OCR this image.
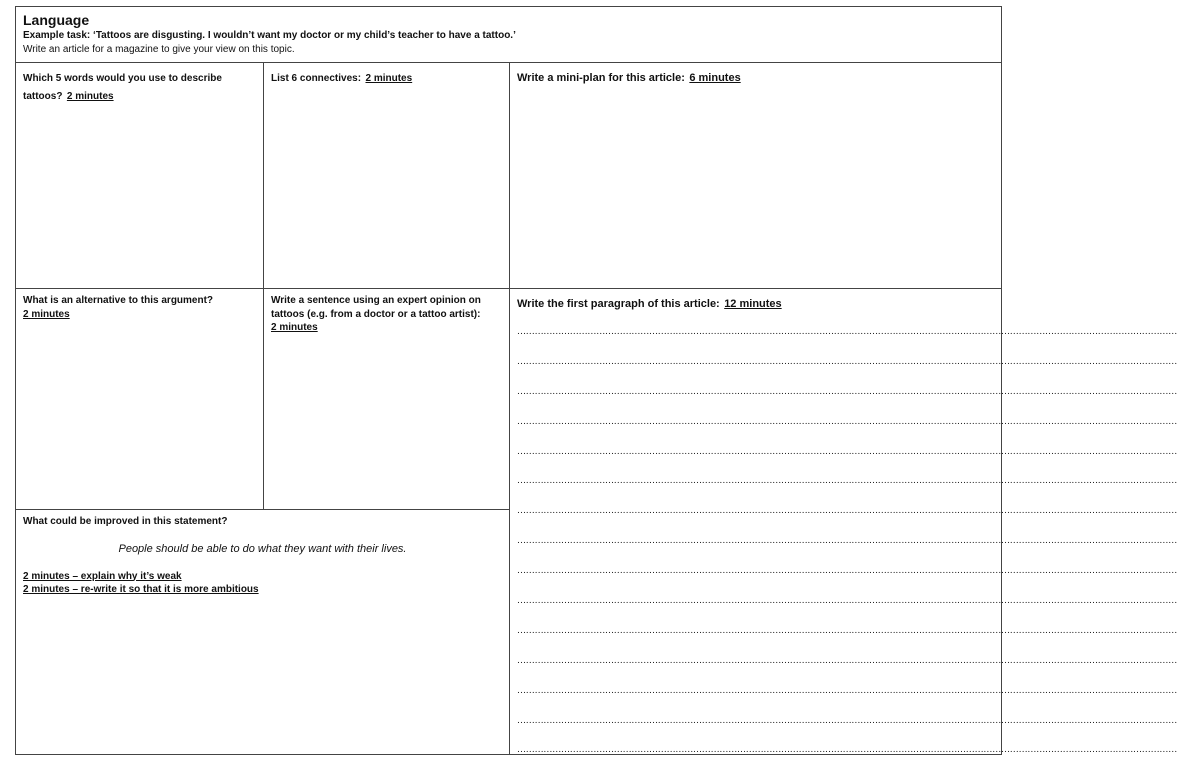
Language
Example task: ‘Tattoos are disgusting. I wouldn’t want my doctor or my child’s teacher to have a tattoo.’
Write an article for a magazine to give your view on this topic.
Which 5 words would you use to describe tattoos? 2 minutes
List 6 connectives: 2 minutes	Write a mini-plan for this article: 6 minutes
What is an alternative to this argument?
2 minutes
Write a sentence using an expert opinion on tattoos (e.g. from a doctor or a tattoo artist):
2 minutes
Write the first paragraph of this article: 12 minutes
………………………………………………………………………………………………………………………………………………………………………………………………………
………………………………………………………………………………………………………………………………………………………………………………………………………
………………………………………………………………………………………………………………………………………………………………………………………………………
………………………………………………………………………………………………………………………………………………………………………………………………………
………………………………………………………………………………………………………………………………………………………………………………………………………
………………………………………………………………………………………………………………………………………………………………………………………………………
………………………………………………………………………………………………………………………………………………………………………………………………………
………………………………………………………………………………………………………………………………………………………………………………………………………
………………………………………………………………………………………………………………………………………………………………………………………………………
………………………………………………………………………………………………………………………………………………………………………………………………………
………………………………………………………………………………………………………………………………………………………………………………………………………
………………………………………………………………………………………………………………………………………………………………………………………………………
………………………………………………………………………………………………………………………………………………………………………………………………………
………………………………………………………………………………………………………………………………………………………………………………………………………
………………………………………………………………………………………………………………………………………………………………………………………………………
What could be improved in this statement?
People should be able to do what they want with their lives.
2 minutes – explain why it’s weak
2 minutes – re-write it so that it is more ambitious
